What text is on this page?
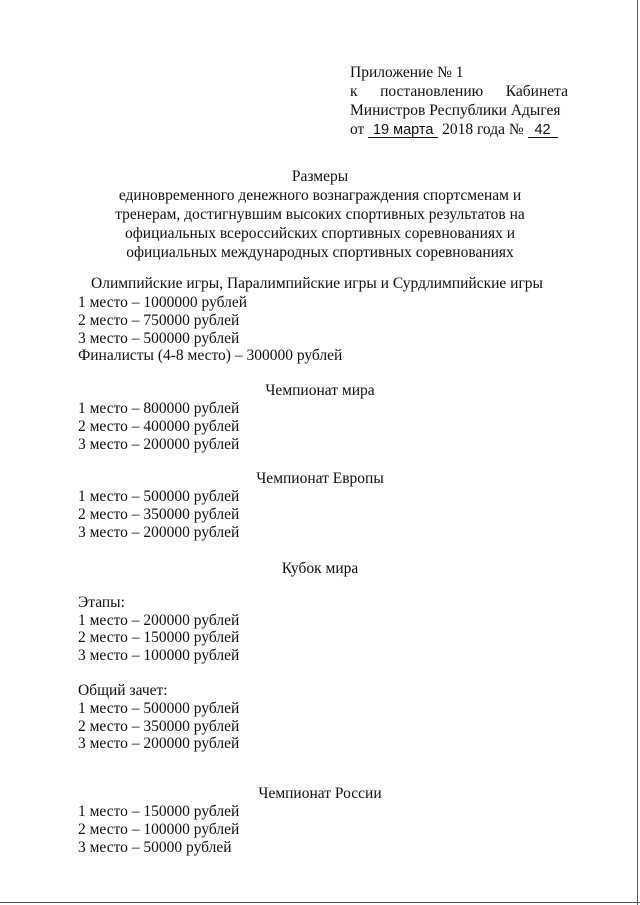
Приложение № 1
к постановлению Кабинета
Министров Республики Адыгея
от 19 марта 2018 года № 42
Размеры
единовременного денежного вознаграждения спортсменам и
тренерам, достигнувшим высоких спортивных результатов на
официальных всероссийских спортивных соревнованиях и
официальных международных спортивных соревнованиях
Олимпийские игры, Паралимпийские игры и Сурдлимпийские игры
1 место – 1000000 рублей
2 место – 750000 рублей
3 место – 500000 рублей
Финалисты (4-8 место) – 300000 рублей
Чемпионат мира
1 место – 800000 рублей
2 место – 400000 рублей
3 место – 200000 рублей
Чемпионат Европы
1 место – 500000 рублей
2 место – 350000 рублей
3 место – 200000 рублей
Кубок мира
Этапы:
1 место – 200000 рублей
2 место – 150000 рублей
3 место – 100000 рублей
Общий зачет:
1 место – 500000 рублей
2 место – 350000 рублей
3 место – 200000 рублей
Чемпионат России
1 место – 150000 рублей
2 место – 100000 рублей
3 место – 50000 рублей
